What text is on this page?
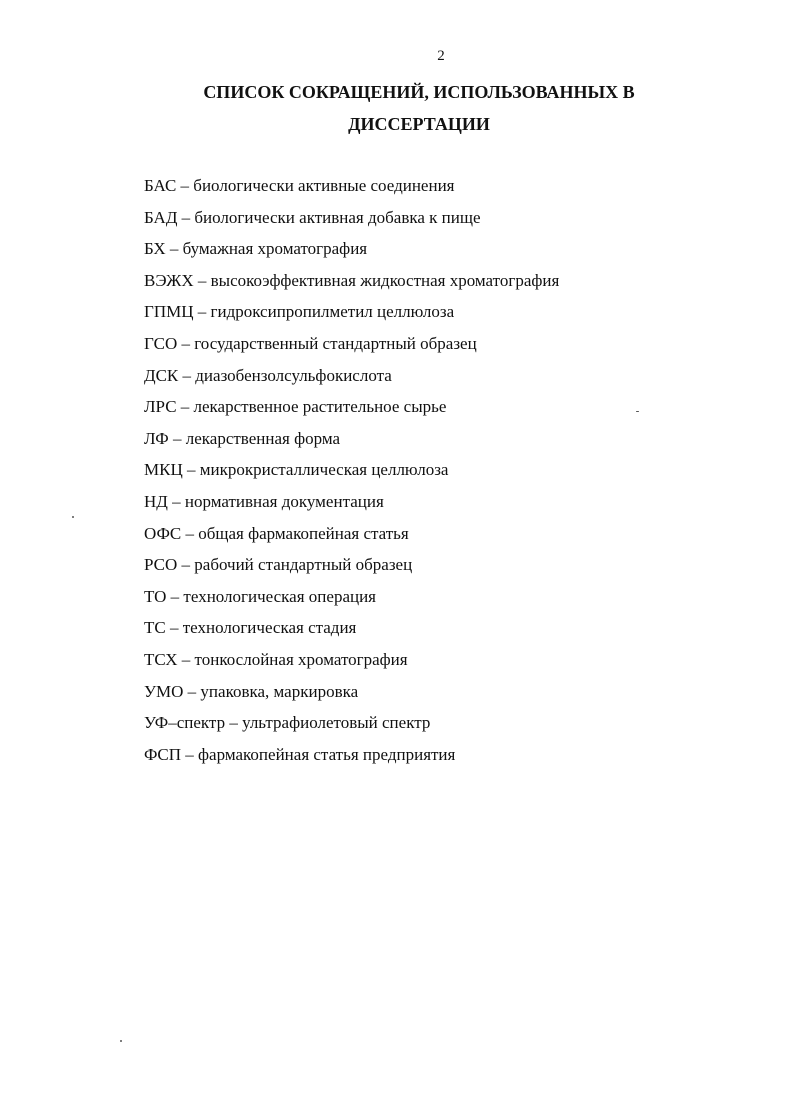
2
СПИСОК СОКРАЩЕНИЙ, ИСПОЛЬЗОВАННЫХ В
ДИССЕРТАЦИИ
БАС – биологически активные соединения
БАД – биологически активная добавка к пище
БХ – бумажная хроматография
ВЭЖХ – высокоэффективная жидкостная хроматография
ГПМЦ – гидроксипропилметил целлюлоза
ГСО – государственный стандартный образец
ДСК – диазобензолсульфокислота
ЛРС – лекарственное растительное сырье
ЛФ – лекарственная форма
МКЦ – микрокристаллическая целлюлоза
НД – нормативная документация
ОФС – общая фармакопейная статья
РСО – рабочий стандартный образец
ТО – технологическая операция
ТС – технологическая стадия
ТСХ – тонкослойная хроматография
УМО – упаковка, маркировка
УФ–спектр – ультрафиолетовый спектр
ФСП – фармакопейная статья предприятия
